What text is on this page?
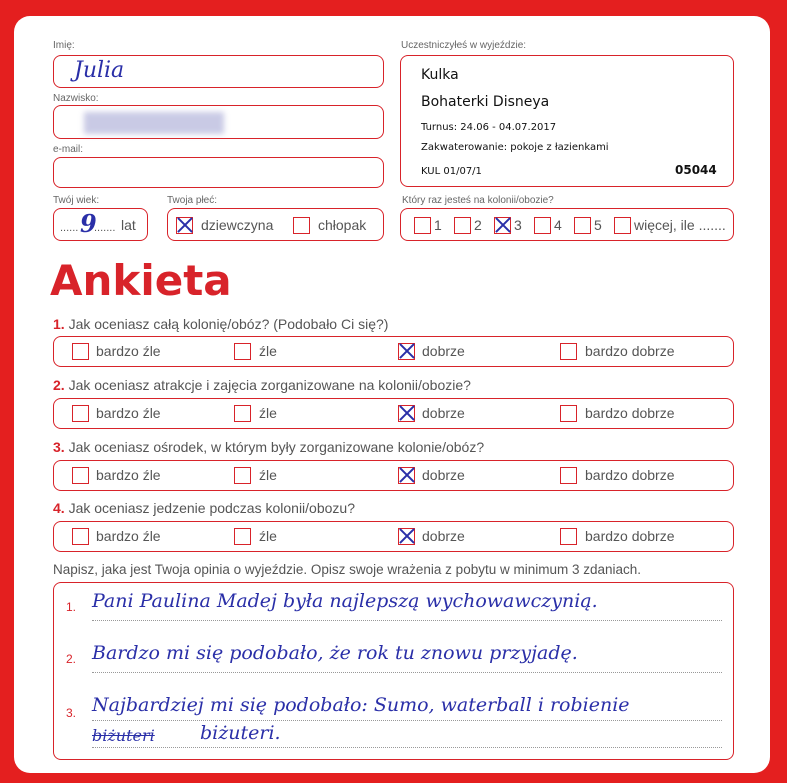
Imię:
Julia
Nazwisko:
e-mail:
Twój wiek:
...... 9
....... lat
Twoja płeć:
dziewczyna	chłopak
Uczestniczyłeś w wyjeździe:
Kulka
Bohaterki Disneya
Turnus: 24.06 - 04.07.2017
Zakwaterowanie: pokoje z łazienkami
KUL 01/07/1	05044
Który raz jesteś na kolonii/obozie?
1 2 3 4 5 więcej, ile .......
Ankieta
1. Jak oceniasz całą kolonię/obóz? (Podobało Ci się?)
bardzo źle	źle	dobrze	bardzo dobrze
2. Jak oceniasz atrakcje i zajęcia zorganizowane na kolonii/obozie?
bardzo źle	źle	dobrze	bardzo dobrze
3. Jak oceniasz ośrodek, w którym były zorganizowane kolonie/obóz?
bardzo źle	źle	dobrze	bardzo dobrze
4. Jak oceniasz jedzenie podczas kolonii/obozu?
bardzo źle	źle	dobrze	bardzo dobrze
Napisz, jaka jest Twoja opinia o wyjeździe. Opisz swoje wrażenia z pobytu w minimum 3 zdaniach.
1. Pani Paulina Madej była najlepszą wychowawczynią.
2. Bardzo mi się podobało, że rok tu znowu przyjadę.
3. Najbardziej mi się podobało: Sumo, waterball i robienie
biżuteri biżuteri.
